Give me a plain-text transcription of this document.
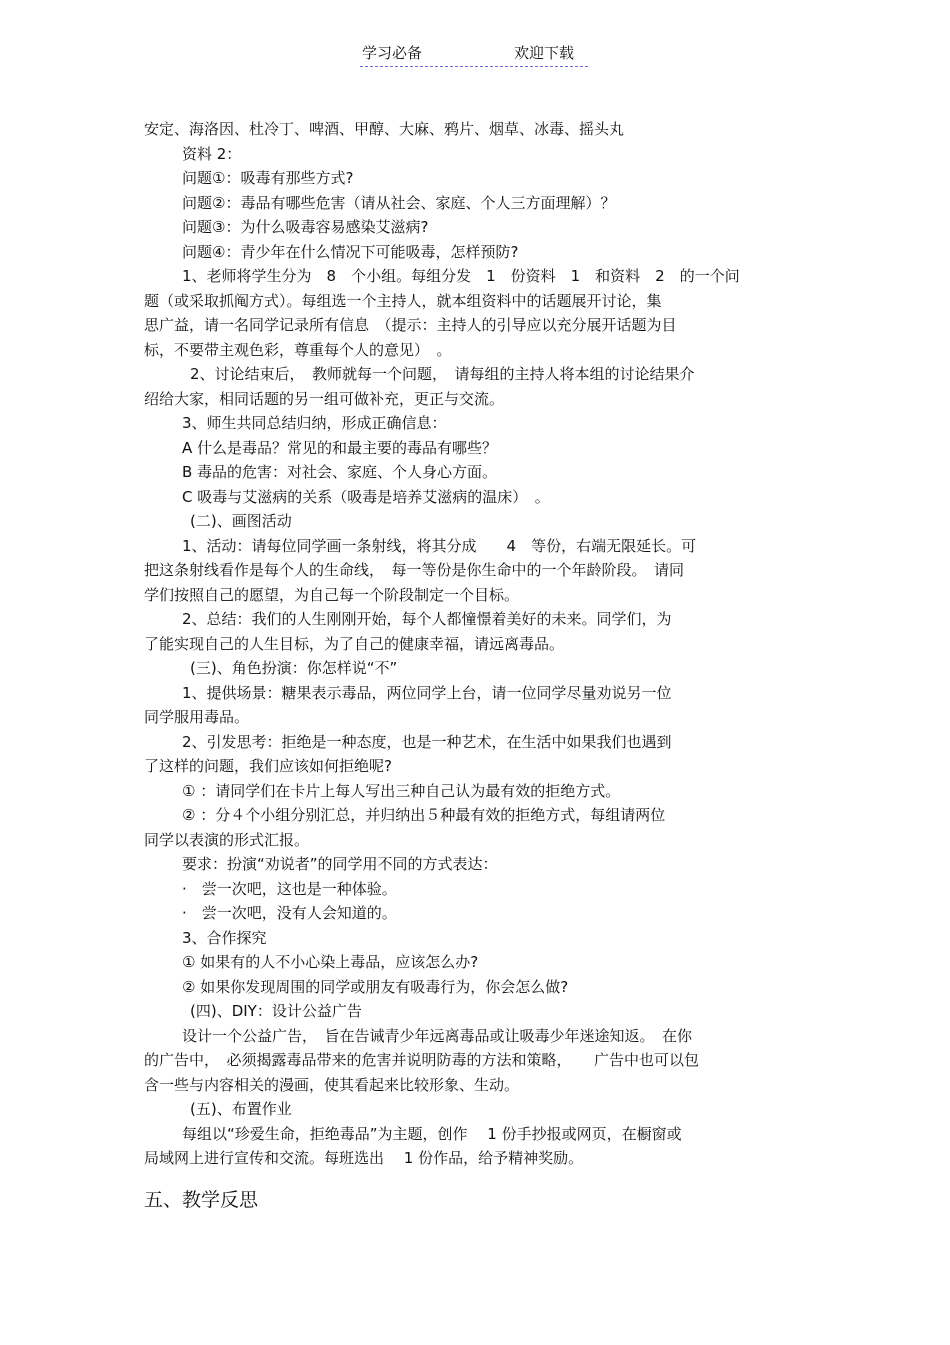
学习必备	欢迎下载
安定、海洛因、杜冷丁、啤酒、甲醇、大麻、鸦片、烟草、冰毒、摇头丸
资料 2：
问题①：吸毒有那些方式?
问题②：毒品有哪些危害（请从社会、家庭、个人三方面理解）？
问题③：为什么吸毒容易感染艾滋病?
问题④：青少年在什么情况下可能吸毒，怎样预防?
1、老师将学生分为　8　个小组。每组分发　1　份资料　1　和资料　2　的一个问
题（或采取抓阄方式）。每组选一个主持人，就本组资料中的话题展开讨论，集
思广益，请一名同学记录所有信息　（提示：主持人的引导应以充分展开话题为目
标，不要带主观色彩，尊重每个人的意见）　。
2、讨论结束后，　教师就每一个问题，　请每组的主持人将本组的讨论结果介
绍给大家，相同话题的另一组可做补充，更正与交流。
3、师生共同总结归纳，形成正确信息：
A 什么是毒品？常见的和最主要的毒品有哪些？
B 毒品的危害：对社会、家庭、个人身心方面。
C 吸毒与艾滋病的关系（吸毒是培养艾滋病的温床）　。
(二)、画图活动
1、活动：请每位同学画一条射线，将其分成　　4　等份，右端无限延长。可
把这条射线看作是每个人的生命线，　每一等份是你生命中的一个年龄阶段。　请同
学们按照自己的愿望，为自己每一个阶段制定一个目标。
2、总结：我们的人生刚刚开始，每个人都憧憬着美好的未来。同学们，为
了能实现自己的人生目标，为了自己的健康幸福，请远离毒品。
(三)、角色扮演：你怎样说“不”
1、提供场景：糖果表示毒品，两位同学上台，请一位同学尽量劝说另一位
同学服用毒品。
2、引发思考：拒绝是一种态度，也是一种艺术，在生活中如果我们也遇到
了这样的问题，我们应该如何拒绝呢?
① ：请同学们在卡片上每人写出三种自己认为最有效的拒绝方式。
② ：分４个小组分别汇总，并归纳出５种最有效的拒绝方式，每组请两位
同学以表演的形式汇报。
要求：扮演“劝说者”的同学用不同的方式表达：
·　尝一次吧，这也是一种体验。
·　尝一次吧，没有人会知道的。
3、合作探究
① 如果有的人不小心染上毒品，应该怎么办?
② 如果你发现周围的同学或朋友有吸毒行为，你会怎么做?
(四)、DIY：设计公益广告
设计一个公益广告，　旨在告诫青少年远离毒品或让吸毒少年迷途知返。　在你
的广告中，　必须揭露毒品带来的危害并说明防毒的方法和策略，　　广告中也可以包
含一些与内容相关的漫画，使其看起来比较形象、生动。
(五)、布置作业
每组以“珍爱生命，拒绝毒品”为主题，创作　 1 份手抄报或网页，在橱窗或
局域网上进行宣传和交流。每班选出　 1 份作品，给予精神奖励。
五、教学反思
